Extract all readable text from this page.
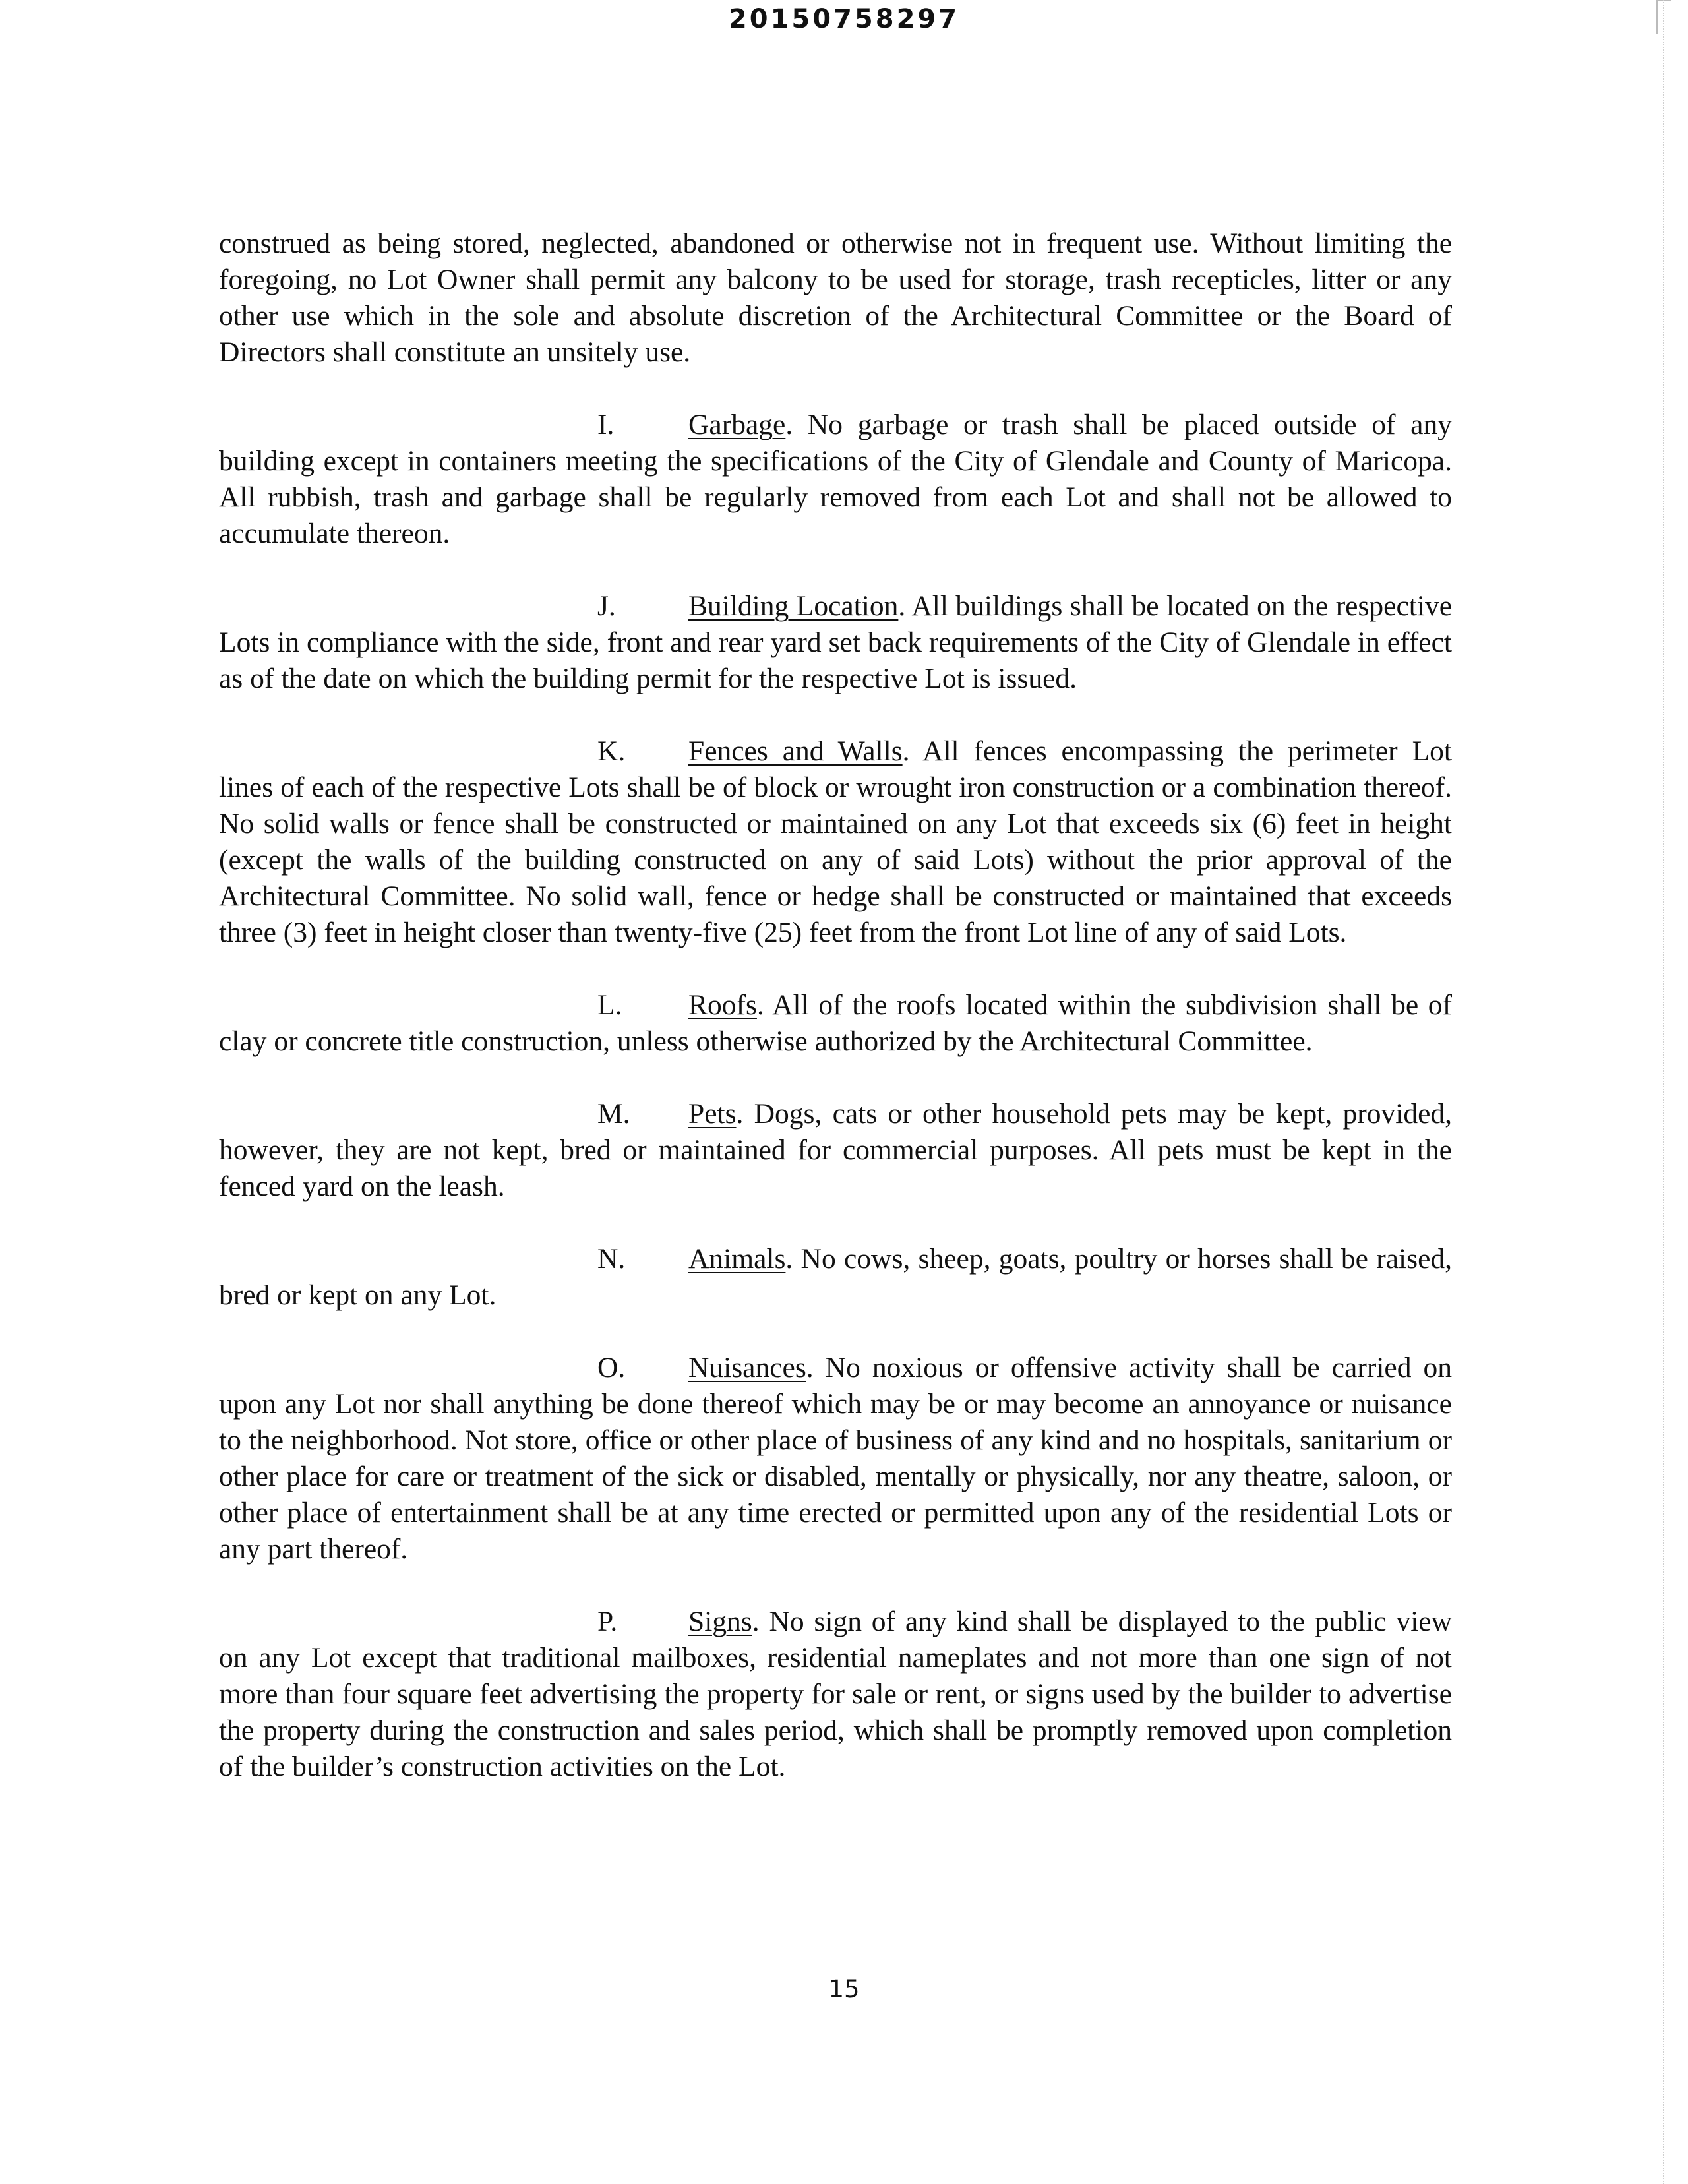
20150758297

construed as being stored, neglected, abandoned or otherwise not in frequent use. Without limiting the foregoing, no Lot Owner shall permit any balcony to be used for storage, trash recepticles, litter or any other use which in the sole and absolute discretion of the Architectural Committee or the Board of Directors shall constitute an unsitely use.

I.	Garbage. No garbage or trash shall be placed outside of any building except in containers meeting the specifications of the City of Glendale and County of Maricopa. All rubbish, trash and garbage shall be regularly removed from each Lot and shall not be allowed to accumulate thereon.
J.	Building Location. All buildings shall be located on the respective Lots in compliance with the side, front and rear yard set back requirements of the City of Glendale in effect as of the date on which the building permit for the respective Lot is issued.
K. Fences and Walls. All fences encompassing the perimeter Lot lines of each of the respective Lots shall be of block or wrought iron construction or a combination thereof. No solid walls or fence shall be constructed or maintained on any Lot that exceeds six (6) feet in height (except the walls of the building constructed on any of said Lots) without the prior approval of the Architectural Committee. No solid wall, fence or hedge shall be constructed or maintained that exceeds three (3) feet in height closer than twenty-five (25) feet from the front Lot line of any of said Lots.
L. Roofs. All of the roofs located within the subdivision shall be of clay or concrete title construction, unless otherwise authorized by the Architectural Committee.
M. Pets. Dogs, cats or other household pets may be kept, provided, however, they are not kept, bred or maintained for commercial purposes. All pets must be kept in the fenced yard on the leash.
N. Animals. No cows, sheep, goats, poultry or horses shall be raised, bred or kept on any Lot.
O. Nuisances. No noxious or offensive activity shall be carried on upon any Lot nor shall anything be done thereof which may be or may become an annoyance or nuisance to the neighborhood. Not store, office or other place of business of any kind and no hospitals, sanitarium or other place for care or treatment of the sick or disabled, mentally or physically, nor any theatre, saloon, or other place of entertainment shall be at any time erected or permitted upon any of the residential Lots or any part thereof.
P. Signs. No sign of any kind shall be displayed to the public view on any Lot except that traditional mailboxes, residential nameplates and not more than one sign of not more than four square feet advertising the property for sale or rent, or signs used by the builder to advertise the property during the construction and sales period, which shall be promptly removed upon completion of the builder’s construction activities on the Lot.
15
